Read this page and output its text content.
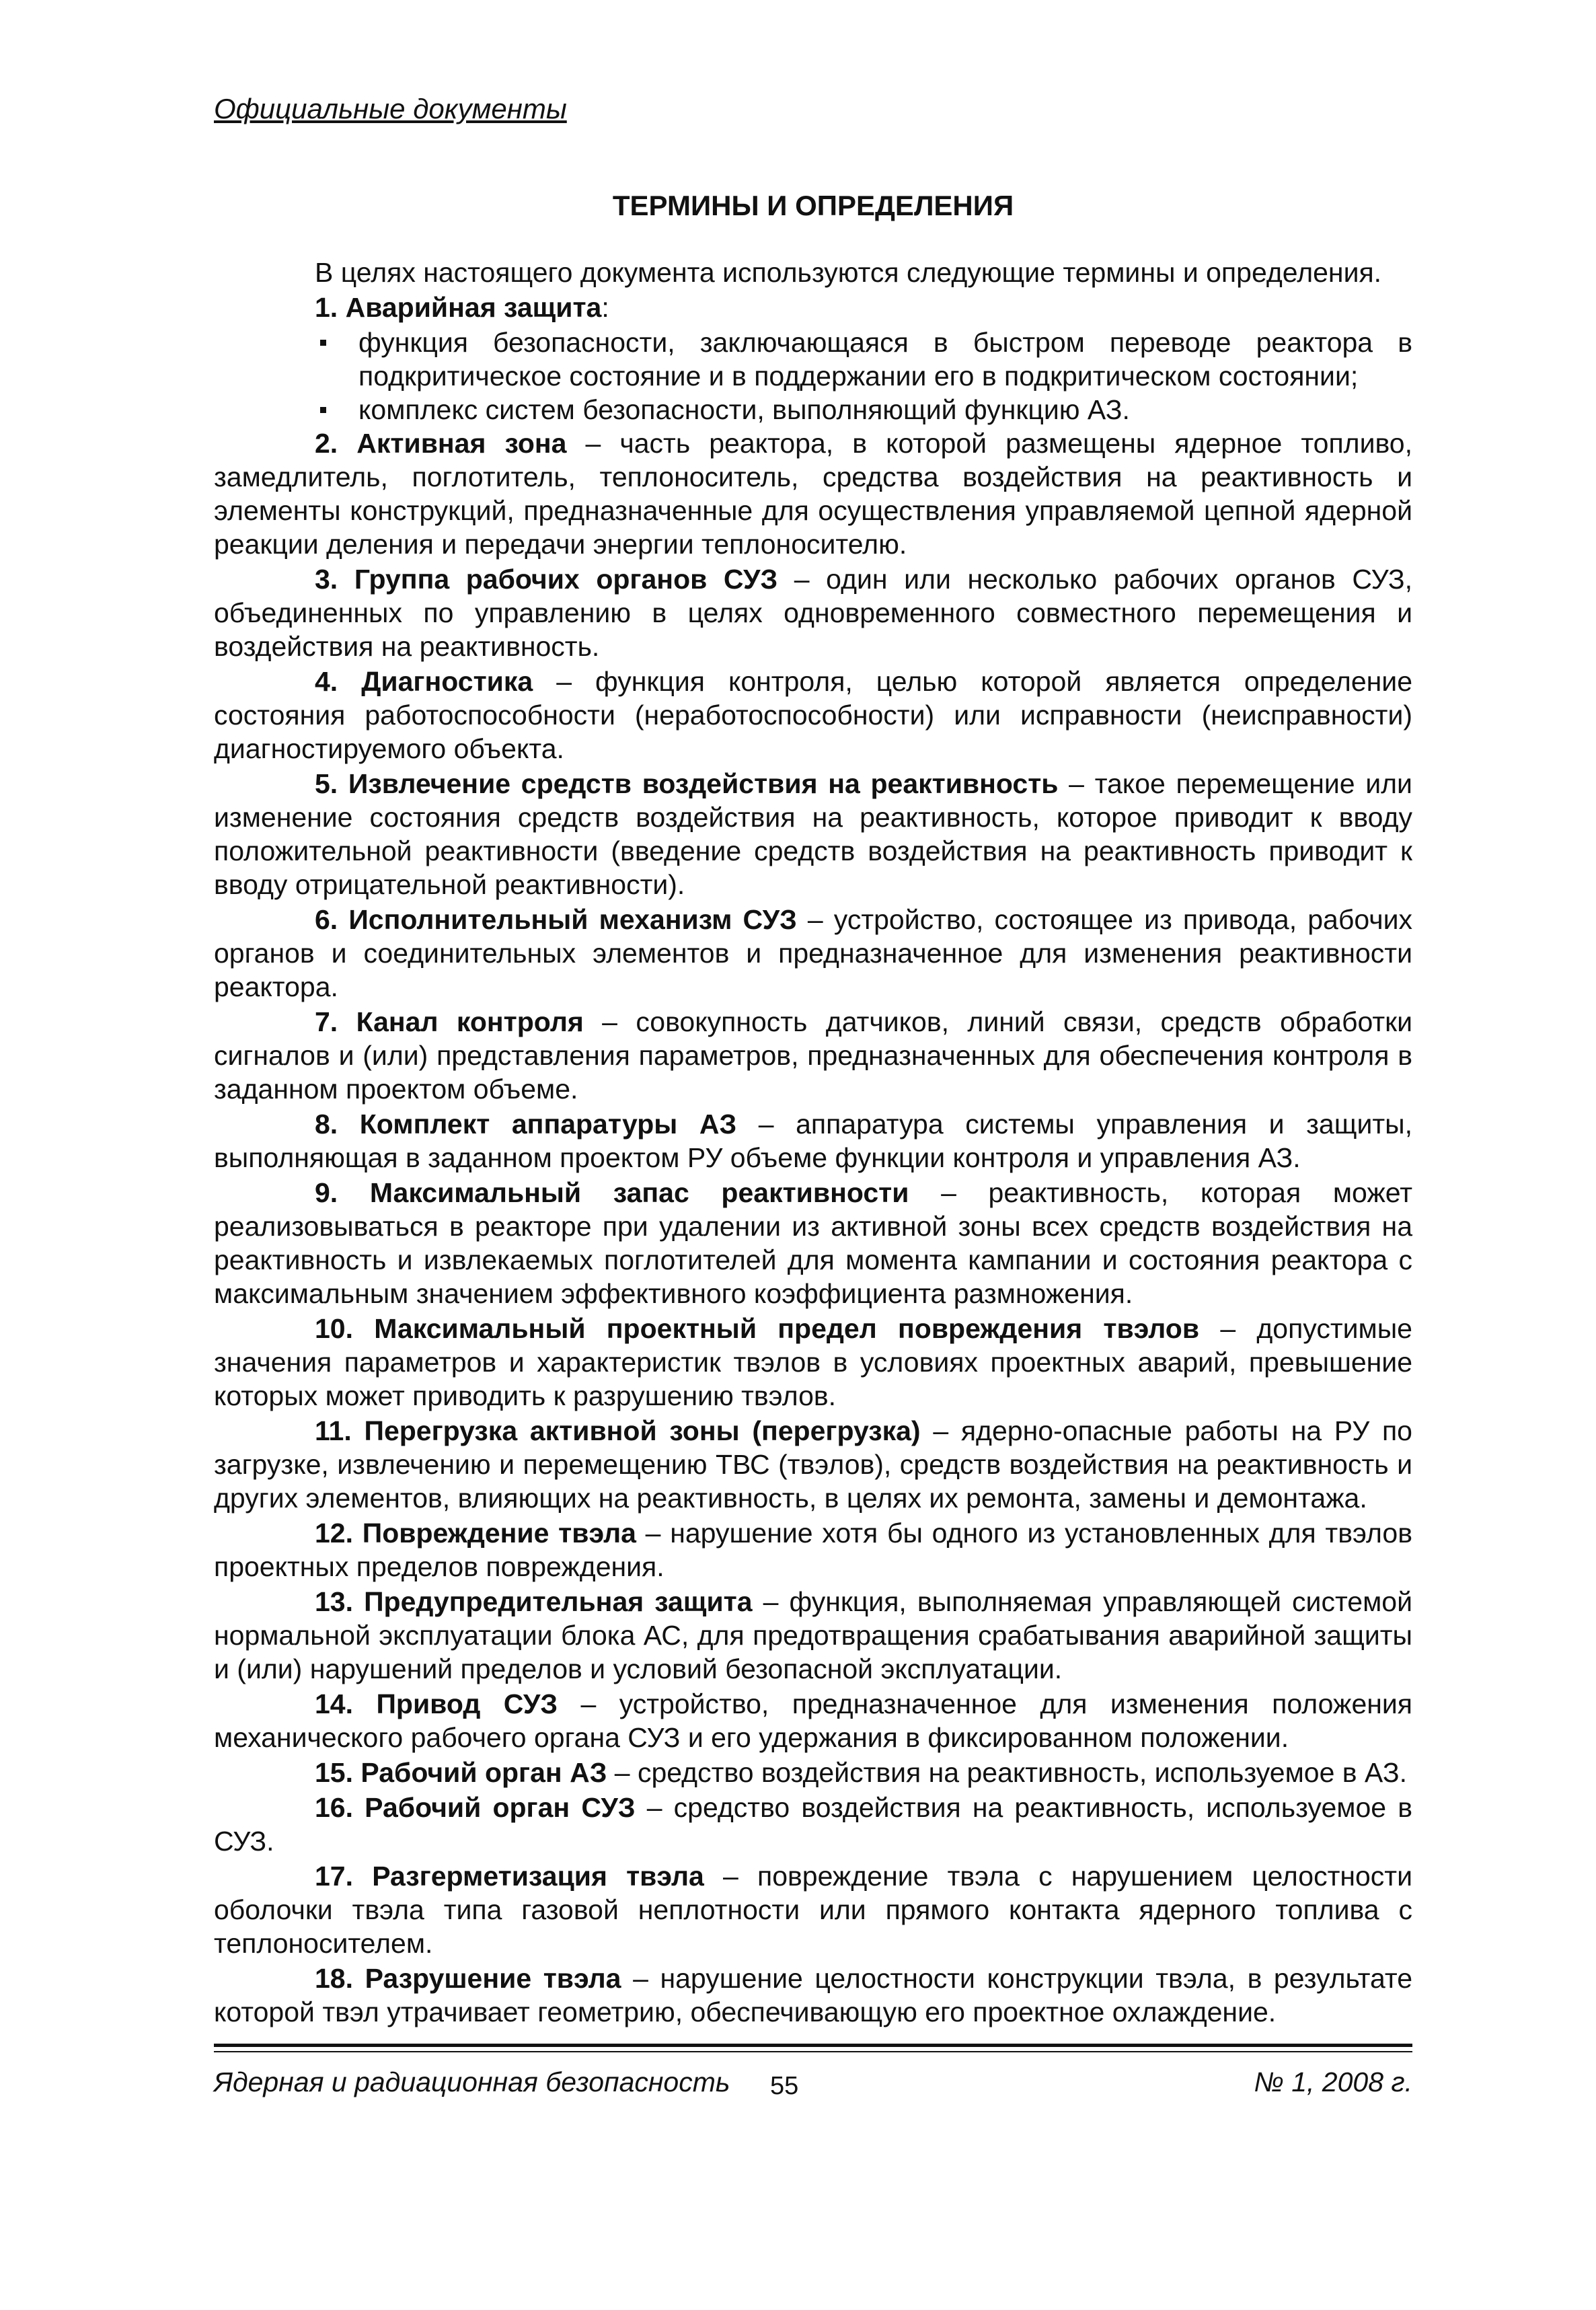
Официальные документы
ТЕРМИНЫ И ОПРЕДЕЛЕНИЯ

В целях настоящего документа используются следующие термины и определения.

1. Аварийная защита:

функция безопасности, заключающаяся в быстром переводе реактора в подкритическое состояние и в поддержании его в подкритическом состоянии;
комплекс систем безопасности, выполняющий функцию АЗ.

2. Активная зона – часть реактора, в которой размещены ядерное топливо, замедлитель, поглотитель, теплоноситель, средства воздействия на реактивность и элементы конструкций, предназначенные для осуществления управляемой цепной ядерной реакции деления и передачи энергии теплоносителю.

3. Группа рабочих органов СУЗ – один или несколько рабочих органов СУЗ, объединенных по управлению в целях одновременного совместного перемещения и воздействия на реактивность.

4. Диагностика – функция контроля, целью которой является определение состояния работоспособности (неработоспособности) или исправности (неисправности) диагностируемого объекта.

5. Извлечение средств воздействия на реактивность – такое перемещение или изменение состояния средств воздействия на реактивность, которое приводит к вводу положительной реактивности (введение средств воздействия на реактивность приводит к вводу отрицательной реактивности).

6. Исполнительный механизм СУЗ – устройство, состоящее из привода, рабочих органов и соединительных элементов и предназначенное для изменения реактивности реактора.

7. Канал контроля – совокупность датчиков, линий связи, средств обработки сигналов и (или) представления параметров, предназначенных для обеспечения контроля в заданном проектом объеме.

8. Комплект аппаратуры АЗ – аппаратура системы управления и защиты, выполняющая в заданном проектом РУ объеме функции контроля и управления АЗ.

9. Максимальный запас реактивности – реактивность, которая может реализовываться в реакторе при удалении из активной зоны всех средств воздействия на реактивность и извлекаемых поглотителей для момента кампании и состояния реактора с максимальным значением эффективного коэффициента размножения.

10. Максимальный проектный предел повреждения твэлов – допустимые значения параметров и характеристик твэлов в условиях проектных аварий, превышение которых может приводить к разрушению твэлов.

11. Перегрузка активной зоны (перегрузка) – ядерно-опасные работы на РУ по загрузке, извлечению и перемещению ТВС (твэлов), средств воздействия на реактивность и других элементов, влияющих на реактивность, в целях их ремонта, замены и демонтажа.

12. Повреждение твэла – нарушение хотя бы одного из установленных для твэлов проектных пределов повреждения.

13. Предупредительная защита – функция, выполняемая управляющей системой нормальной эксплуатации блока АС, для предотвращения срабатывания аварийной защиты и (или) нарушений пределов и условий безопасной эксплуатации.

14. Привод СУЗ – устройство, предназначенное для изменения положения механического рабочего органа СУЗ и его удержания в фиксированном положении.

15. Рабочий орган АЗ – средство воздействия на реактивность, используемое в АЗ.

16. Рабочий орган СУЗ – средство воздействия на реактивность, используемое в СУЗ.

17. Разгерметизация твэла – повреждение твэла с нарушением целостности оболочки твэла типа газовой неплотности или прямого контакта ядерного топлива с теплоносителем.

18. Разрушение твэла – нарушение целостности конструкции твэла, в результате которой твэл утрачивает геометрию, обеспечивающую его проектное охлаждение.

Ядерная и радиационная безопасность 55	№ 1, 2008 г.
